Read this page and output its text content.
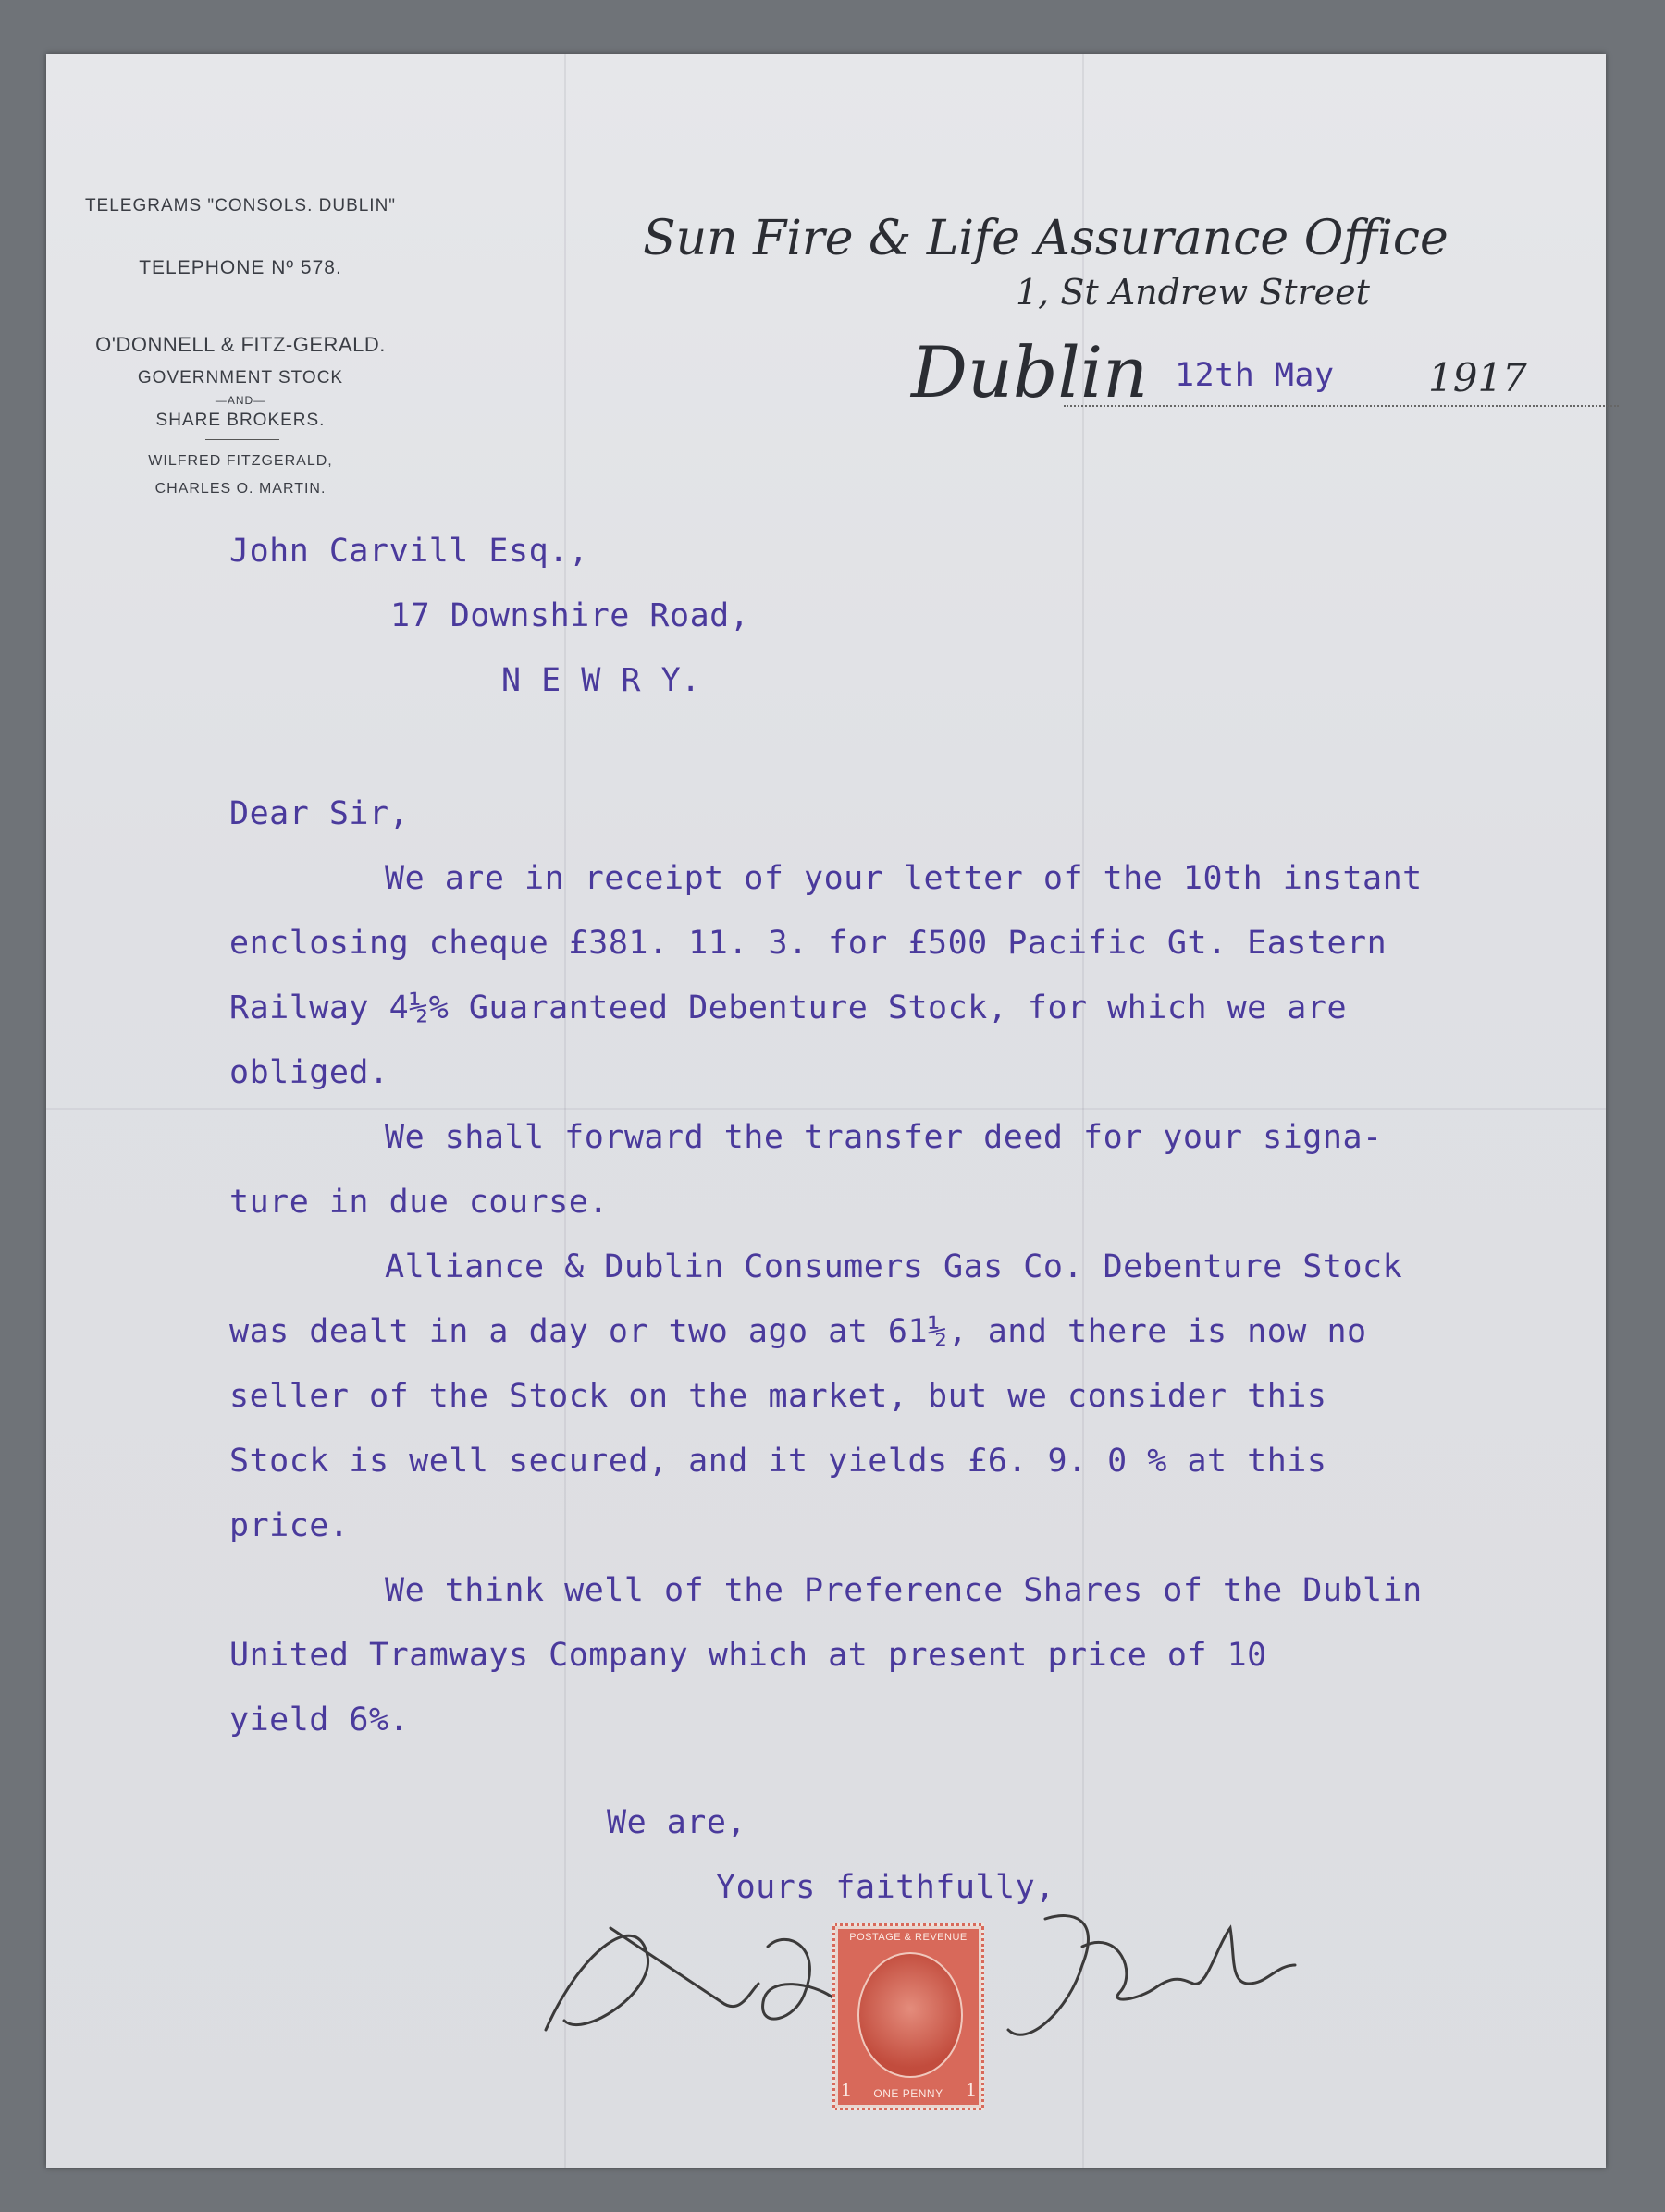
TELEGRAMS "CONSOLS. DUBLIN"
TELEPHONE Nº 578.
O'DONNELL & FITZ-GERALD.
GOVERNMENT STOCK
—AND—
SHARE BROKERS.
WILFRED FITZGERALD,
CHARLES O. MARTIN.
Sun Fire & Life Assurance Office
1, St Andrew Street
Dublin 12th May 1917
John Carvill Esq.,
17 Downshire Road,
N E W R Y.
Dear Sir,
We are in receipt of your letter of the 10th instant
enclosing cheque £381. 11. 3. for £500 Pacific Gt. Eastern
Railway 4½% Guaranteed Debenture Stock, for which we are
obliged.
We shall forward the transfer deed for your signa-
ture in due course.
Alliance & Dublin Consumers Gas Co. Debenture Stock
was dealt in a day or two ago at 61½, and there is now no
seller of the Stock on the market, but we consider this
Stock is well secured, and it yields £6. 9. 0 % at this
price.
We think well of the Preference Shares of the Dublin
United Tramways Company which at present price of 10
yield 6%.
We are,
Yours faithfully,
POSTAGE & REVENUE
1	1
ONE PENNY
